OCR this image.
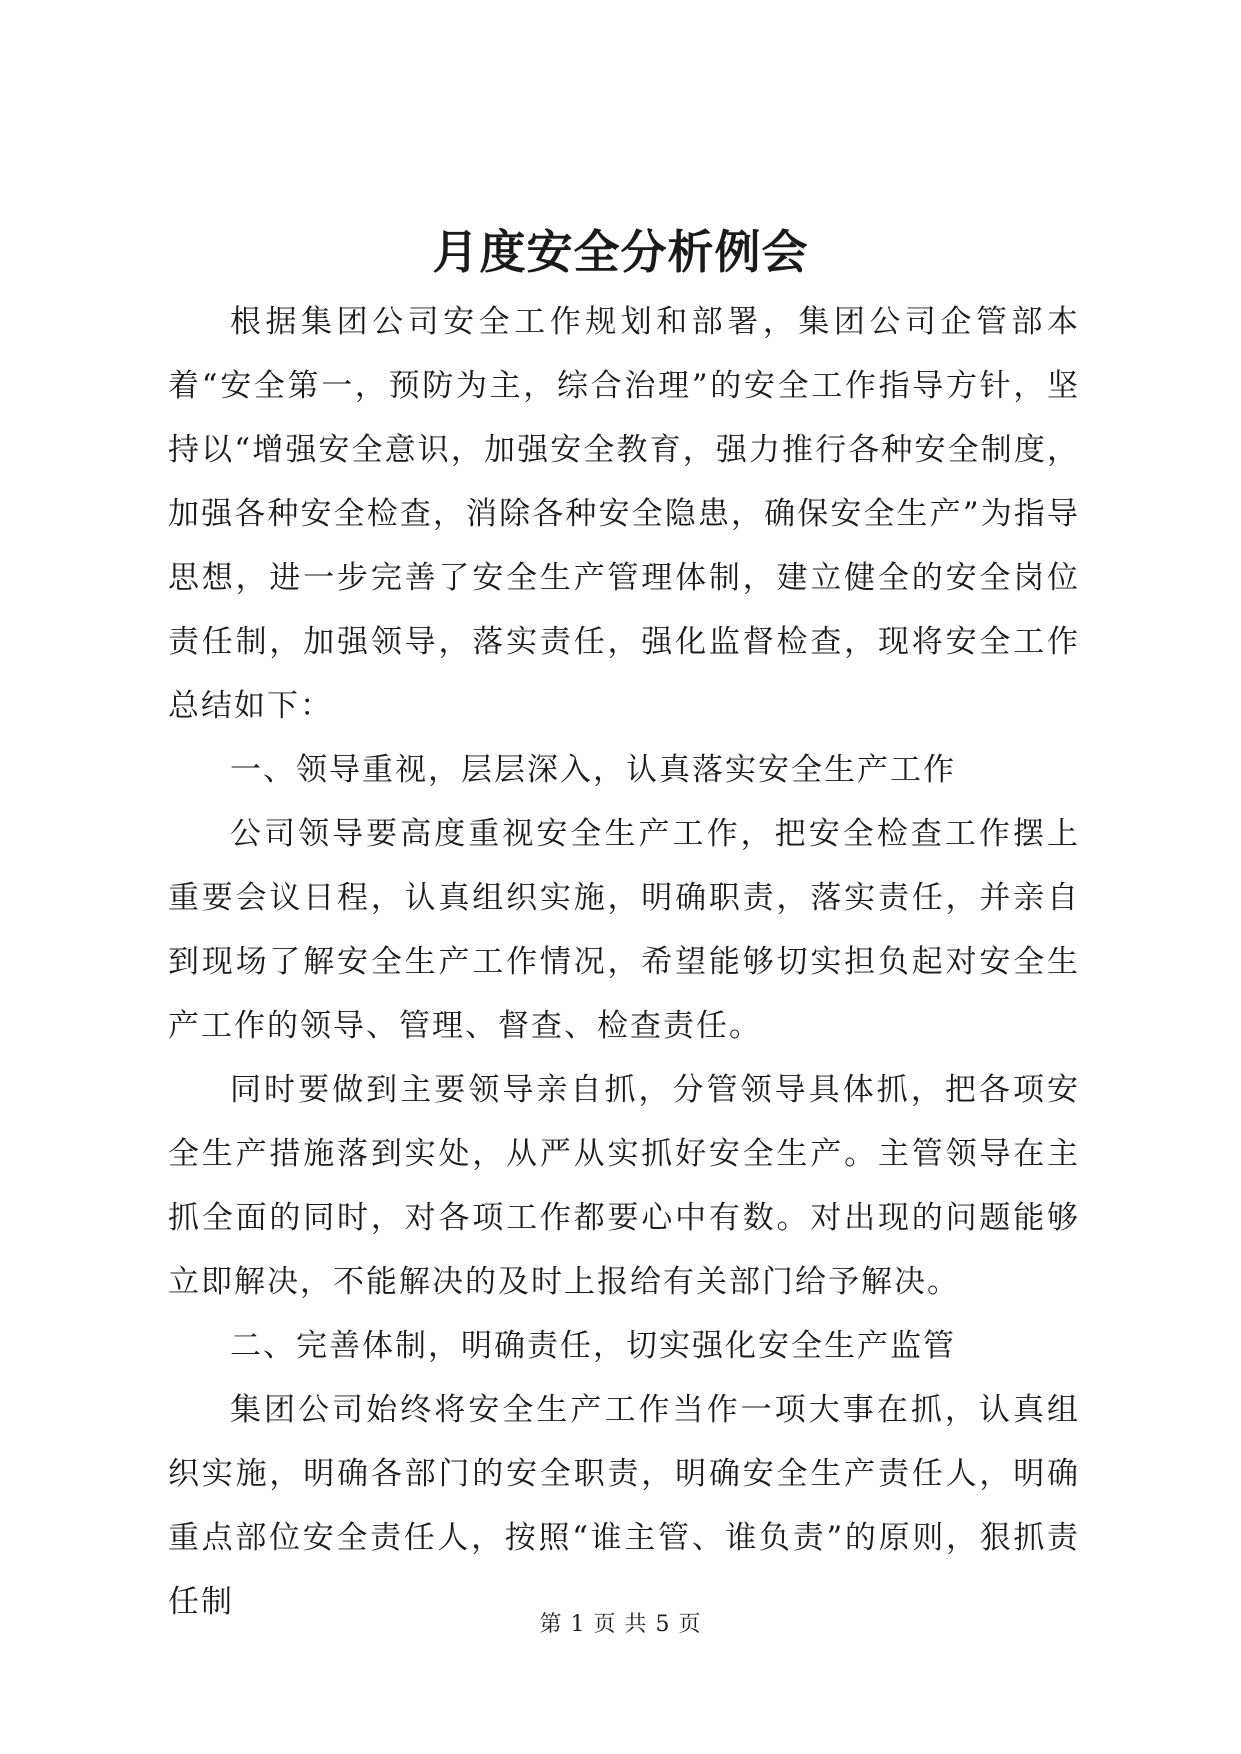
月度安全分析例会

根据集团公司安全工作规划和部署，集团公司企管部本着“安全第一，预防为主，综合治理”的安全工作指导方针，坚持以“增强安全意识，加强安全教育，强力推行各种安全制度，加强各种安全检查，消除各种安全隐患，确保安全生产”为指导思想，进一步完善了安全生产管理体制，建立健全的安全岗位责任制，加强领导，落实责任，强化监督检查，现将安全工作总结如下：

一、领导重视，层层深入，认真落实安全生产工作

公司领导要高度重视安全生产工作，把安全检查工作摆上重要会议日程，认真组织实施，明确职责，落实责任，并亲自到现场了解安全生产工作情况，希望能够切实担负起对安全生产工作的领导、管理、督查、检查责任。

同时要做到主要领导亲自抓，分管领导具体抓，把各项安全生产措施落到实处，从严从实抓好安全生产。主管领导在主抓全面的同时，对各项工作都要心中有数。对出现的问题能够立即解决，不能解决的及时上报给有关部门给予解决。

二、完善体制，明确责任，切实强化安全生产监管

集团公司始终将安全生产工作当作一项大事在抓，认真组织实施，明确各部门的安全职责，明确安全生产责任人，明确重点部位安全责任人，按照“谁主管、谁负责”的原则，狠抓责任制

第 1 页 共 5 页
